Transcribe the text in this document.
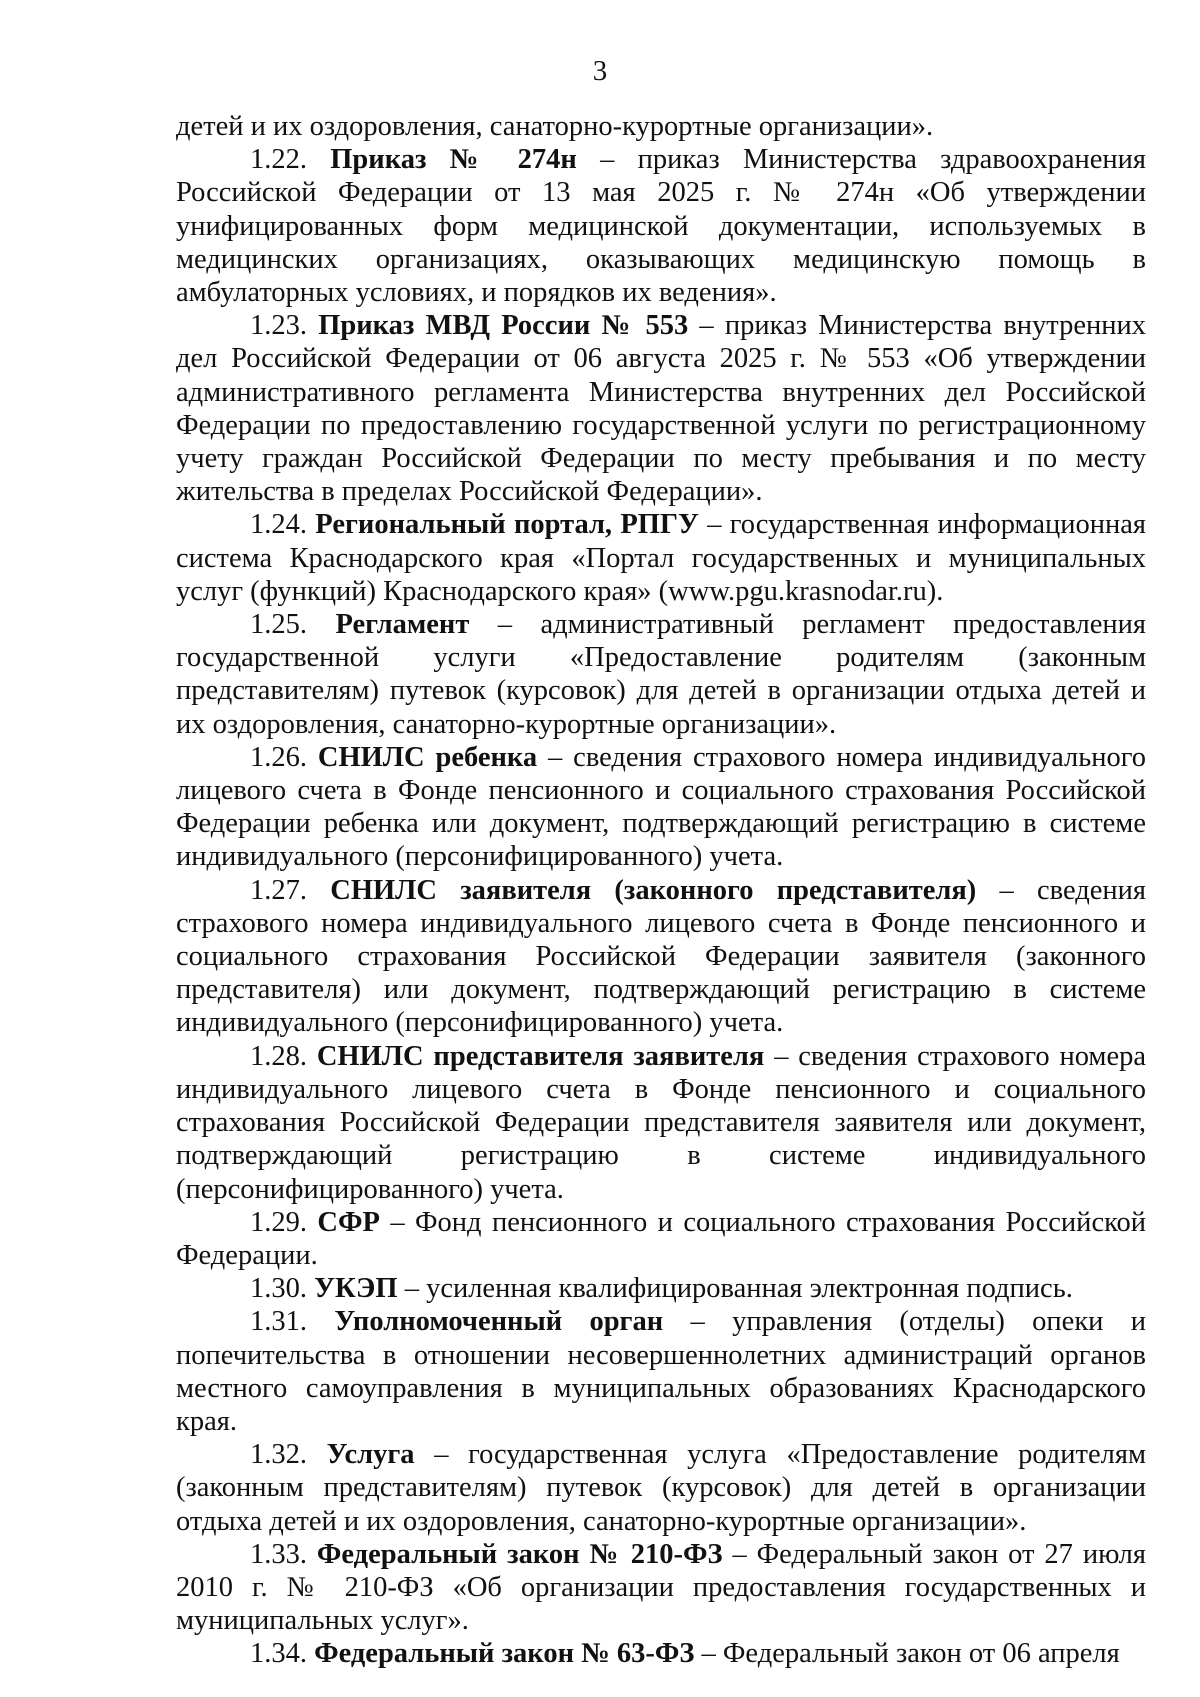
3

детей и их оздоровления, санаторно-курортные организации».

1.22. Приказ № 274н – приказ Министерства здравоохранения Российской Федерации от 13 мая 2025 г. № 274н «Об утверждении унифицированных форм медицинской документации, используемых в медицинских организациях, оказывающих медицинскую помощь в амбулаторных условиях, и порядков их ведения».

1.23. Приказ МВД России № 553 – приказ Министерства внутренних дел Российской Федерации от 06 августа 2025 г. № 553 «Об утверждении административного регламента Министерства внутренних дел Российской Федерации по предоставлению государственной услуги по регистрационному учету граждан Российской Федерации по месту пребывания и по месту жительства в пределах Российской Федерации».

1.24. Региональный портал, РПГУ – государственная информационная система Краснодарского края «Портал государственных и муниципальных услуг (функций) Краснодарского края» (www.pgu.krasnodar.ru).

1.25. Регламент – административный регламент предоставления государственной услуги «Предоставление родителям (законным представителям) путевок (курсовок) для детей в организации отдыха детей и их оздоровления, санаторно-курортные организации».

1.26. СНИЛС ребенка – сведения страхового номера индивидуального лицевого счета в Фонде пенсионного и социального страхования Российской Федерации ребенка или документ, подтверждающий регистрацию в системе индивидуального (персонифицированного) учета.

1.27. СНИЛС заявителя (законного представителя) – сведения страхового номера индивидуального лицевого счета в Фонде пенсионного и социального страхования Российской Федерации заявителя (законного представителя) или документ, подтверждающий регистрацию в системе индивидуального (персонифицированного) учета.

1.28. СНИЛС представителя заявителя – сведения страхового номера индивидуального лицевого счета в Фонде пенсионного и социального страхования Российской Федерации представителя заявителя или документ, подтверждающий регистрацию в системе индивидуального (персонифицированного) учета.

1.29. СФР – Фонд пенсионного и социального страхования Российской Федерации.

1.30. УКЭП – усиленная квалифицированная электронная подпись.

1.31. Уполномоченный орган – управления (отделы) опеки и попечительства в отношении несовершеннолетних администраций органов местного самоуправления в муниципальных образованиях Краснодарского края.

1.32. Услуга – государственная услуга «Предоставление родителям (законным представителям) путевок (курсовок) для детей в организации отдыха детей и их оздоровления, санаторно-курортные организации».

1.33. Федеральный закон № 210-ФЗ – Федеральный закон от 27 июля 2010 г. № 210-ФЗ «Об организации предоставления государственных и муниципальных услуг».

1.34. Федеральный закон № 63-ФЗ – Федеральный закон от 06 апреля
